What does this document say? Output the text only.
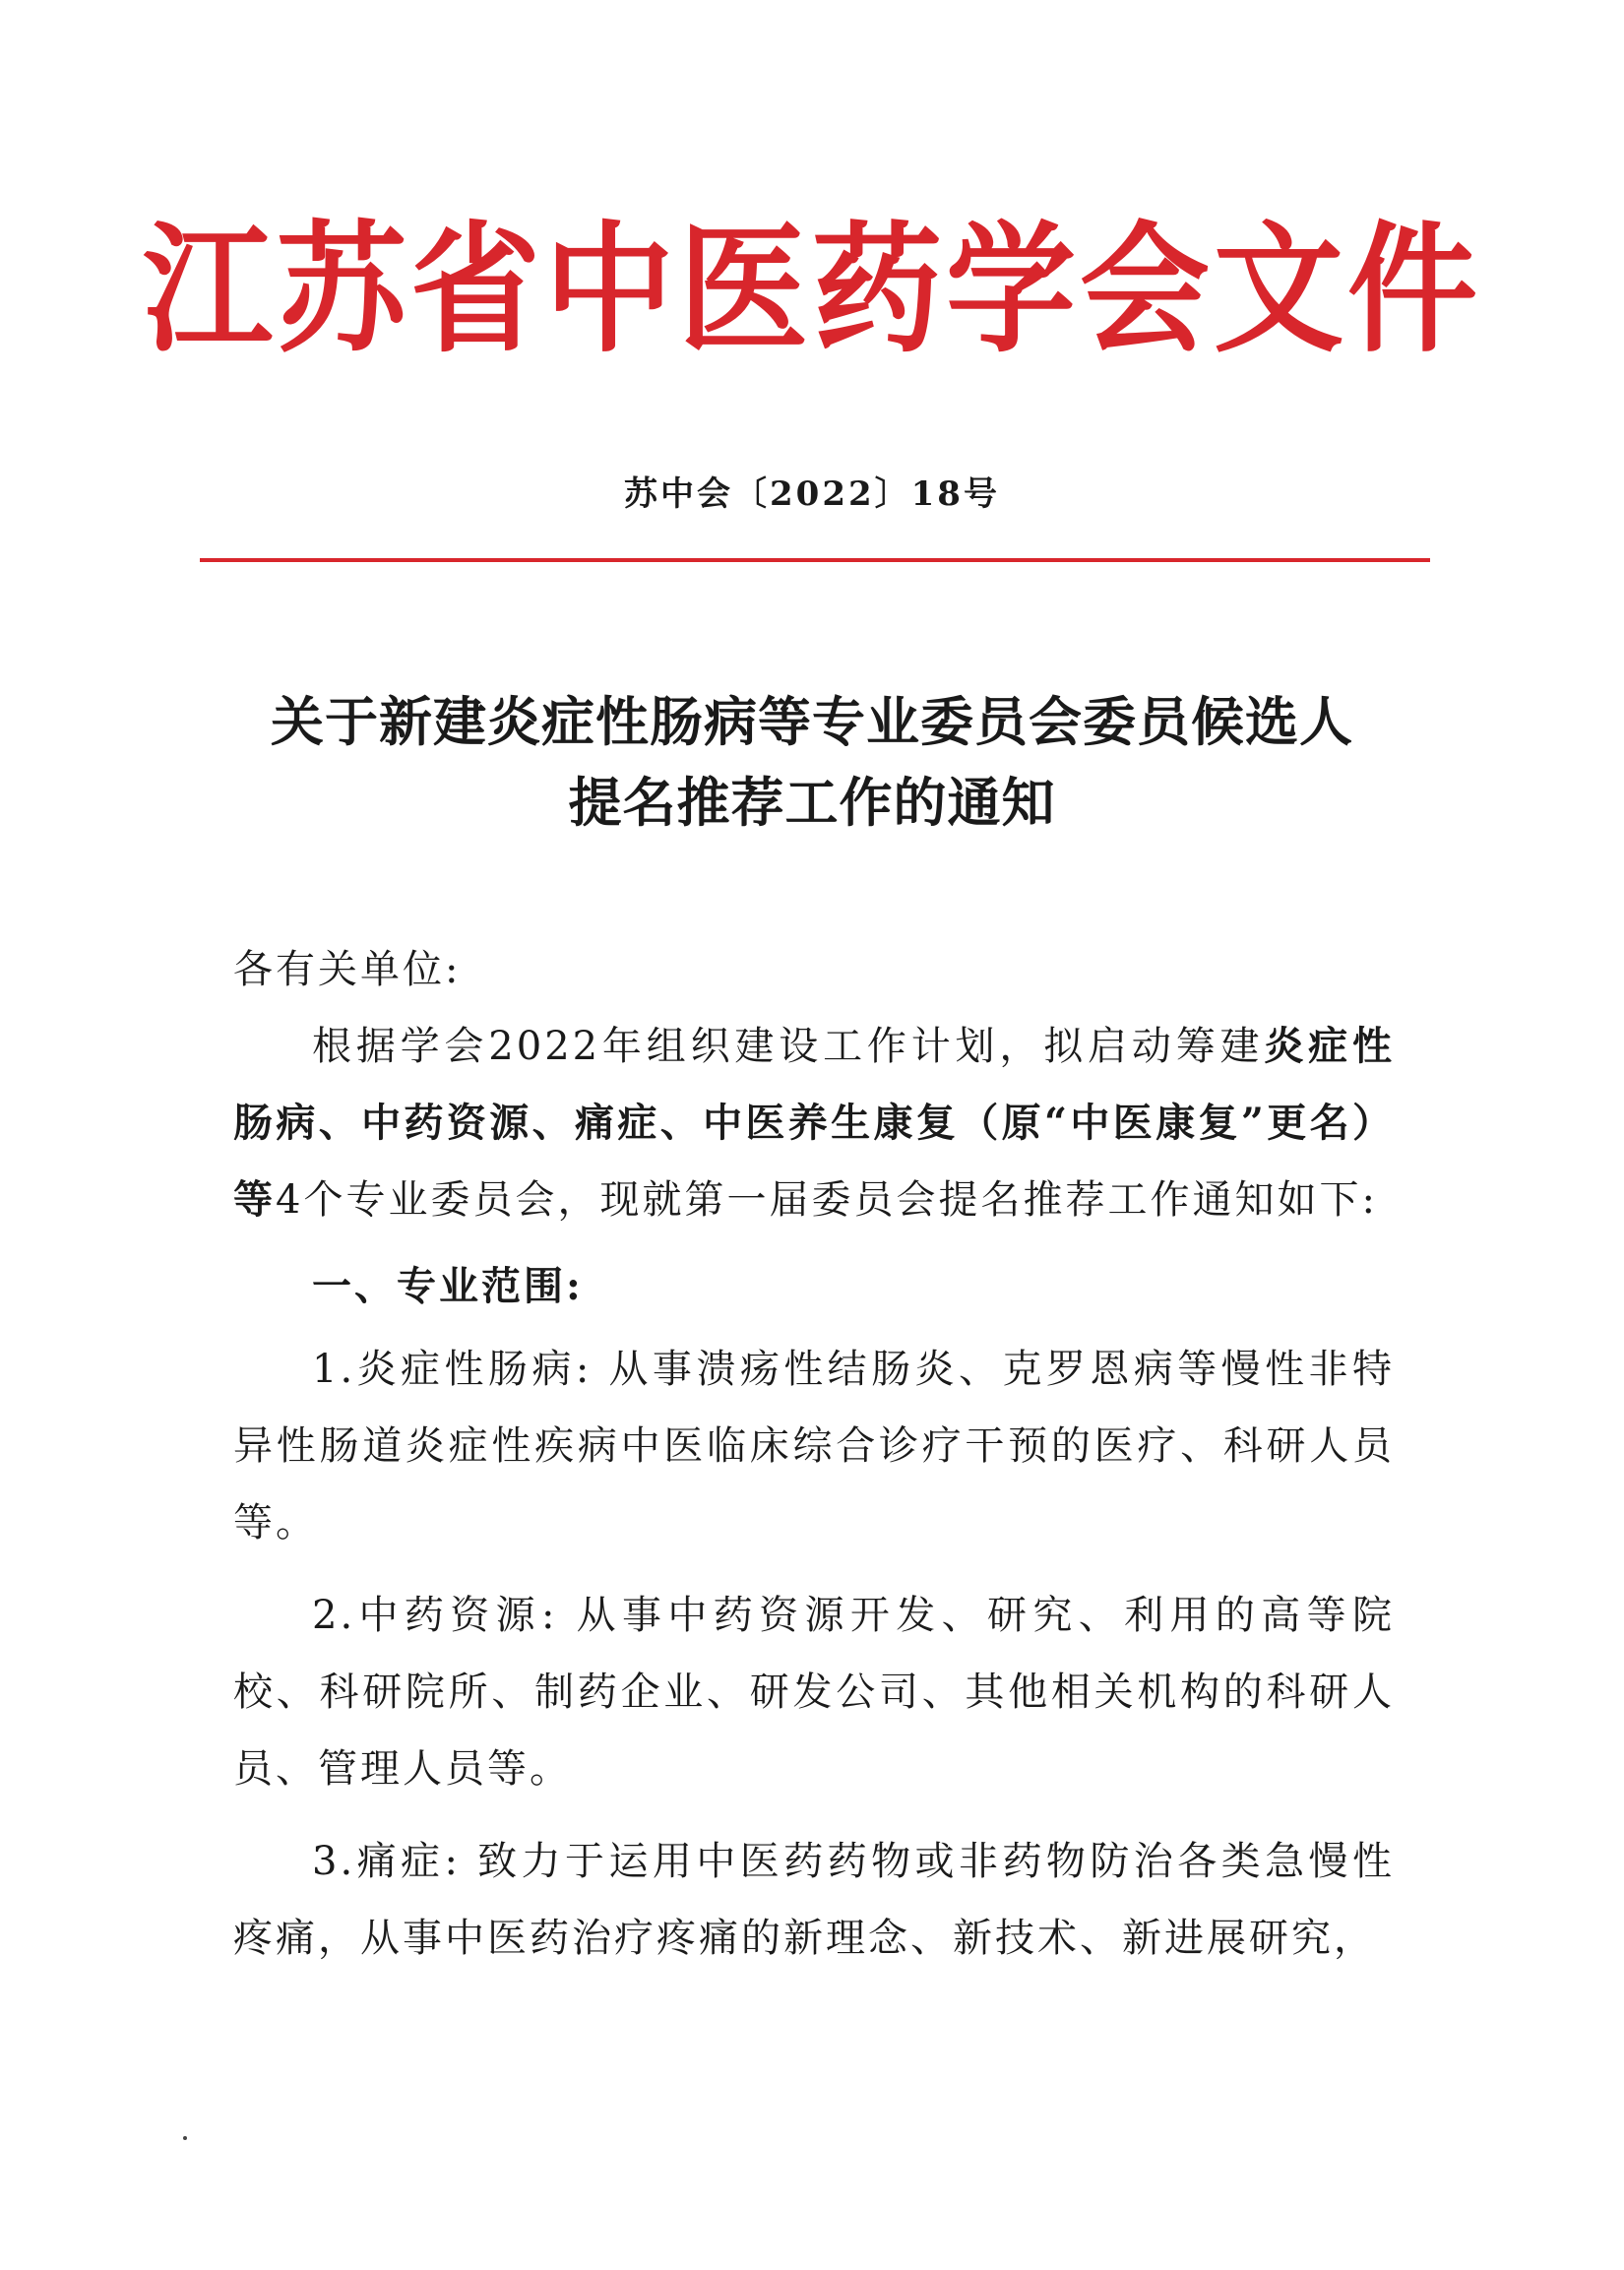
江苏省中医药学会文件
苏中会〔2022〕18号
关于新建炎症性肠病等专业委员会委员候选人
提名推荐工作的通知

各有关单位:

根据学会2022年组织建设工作计划，拟启动筹建炎症性肠病、中药资源、痛症、中医养生康复（原“中医康复”更名）等4个专业委员会，现就第一届委员会提名推荐工作通知如下:

一、专业范围:

1.炎症性肠病: 从事溃疡性结肠炎、克罗恩病等慢性非特异性肠道炎症性疾病中医临床综合诊疗干预的医疗、科研人员等。

2.中药资源: 从事中药资源开发、研究、利用的高等院校、科研院所、制药企业、研发公司、其他相关机构的科研人员、管理人员等。

3.痛症: 致力于运用中医药药物或非药物防治各类急慢性疼痛，从事中医药治疗疼痛的新理念、新技术、新进展研究，
